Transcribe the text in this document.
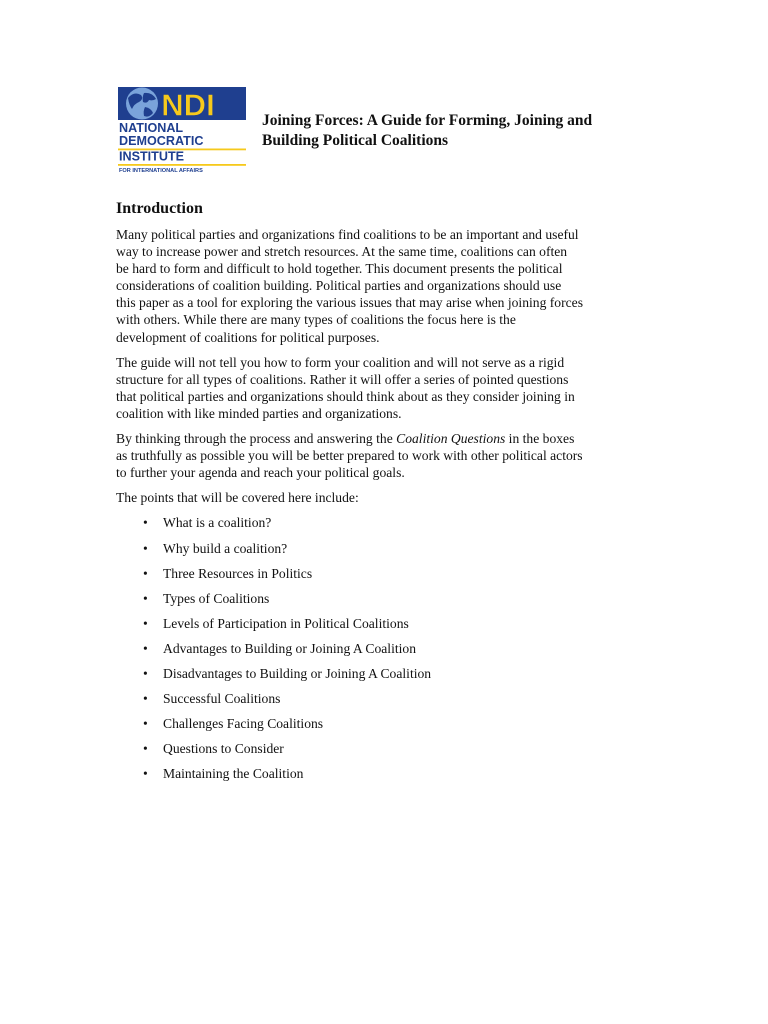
NDI
NATIONAL
DEMOCRATIC
INSTITUTE
FOR INTERNATIONAL AFFAIRS
Joining Forces: A Guide for Forming, Joining and
Building Political Coalitions
Introduction

Many political parties and organizations find coalitions to be an important and useful
way to increase power and stretch resources. At the same time, coalitions can often
be hard to form and difficult to hold together. This document presents the political
considerations of coalition building. Political parties and organizations should use
this paper as a tool for exploring the various issues that may arise when joining forces
with others. While there are many types of coalitions the focus here is the
development of coalitions for political purposes.

The guide will not tell you how to form your coalition and will not serve as a rigid
structure for all types of coalitions. Rather it will offer a series of pointed questions
that political parties and organizations should think about as they consider joining in
coalition with like minded parties and organizations.

By thinking through the process and answering the Coalition Questions in the boxes
as truthfully as possible you will be better prepared to work with other political actors
to further your agenda and reach your political goals.

The points that will be covered here include:

• What is a coalition?
• Why build a coalition?
• Three Resources in Politics
• Types of Coalitions
• Levels of Participation in Political Coalitions
• Advantages to Building or Joining A Coalition
• Disadvantages to Building or Joining A Coalition
• Successful Coalitions
• Challenges Facing Coalitions
• Questions to Consider
• Maintaining the Coalition
